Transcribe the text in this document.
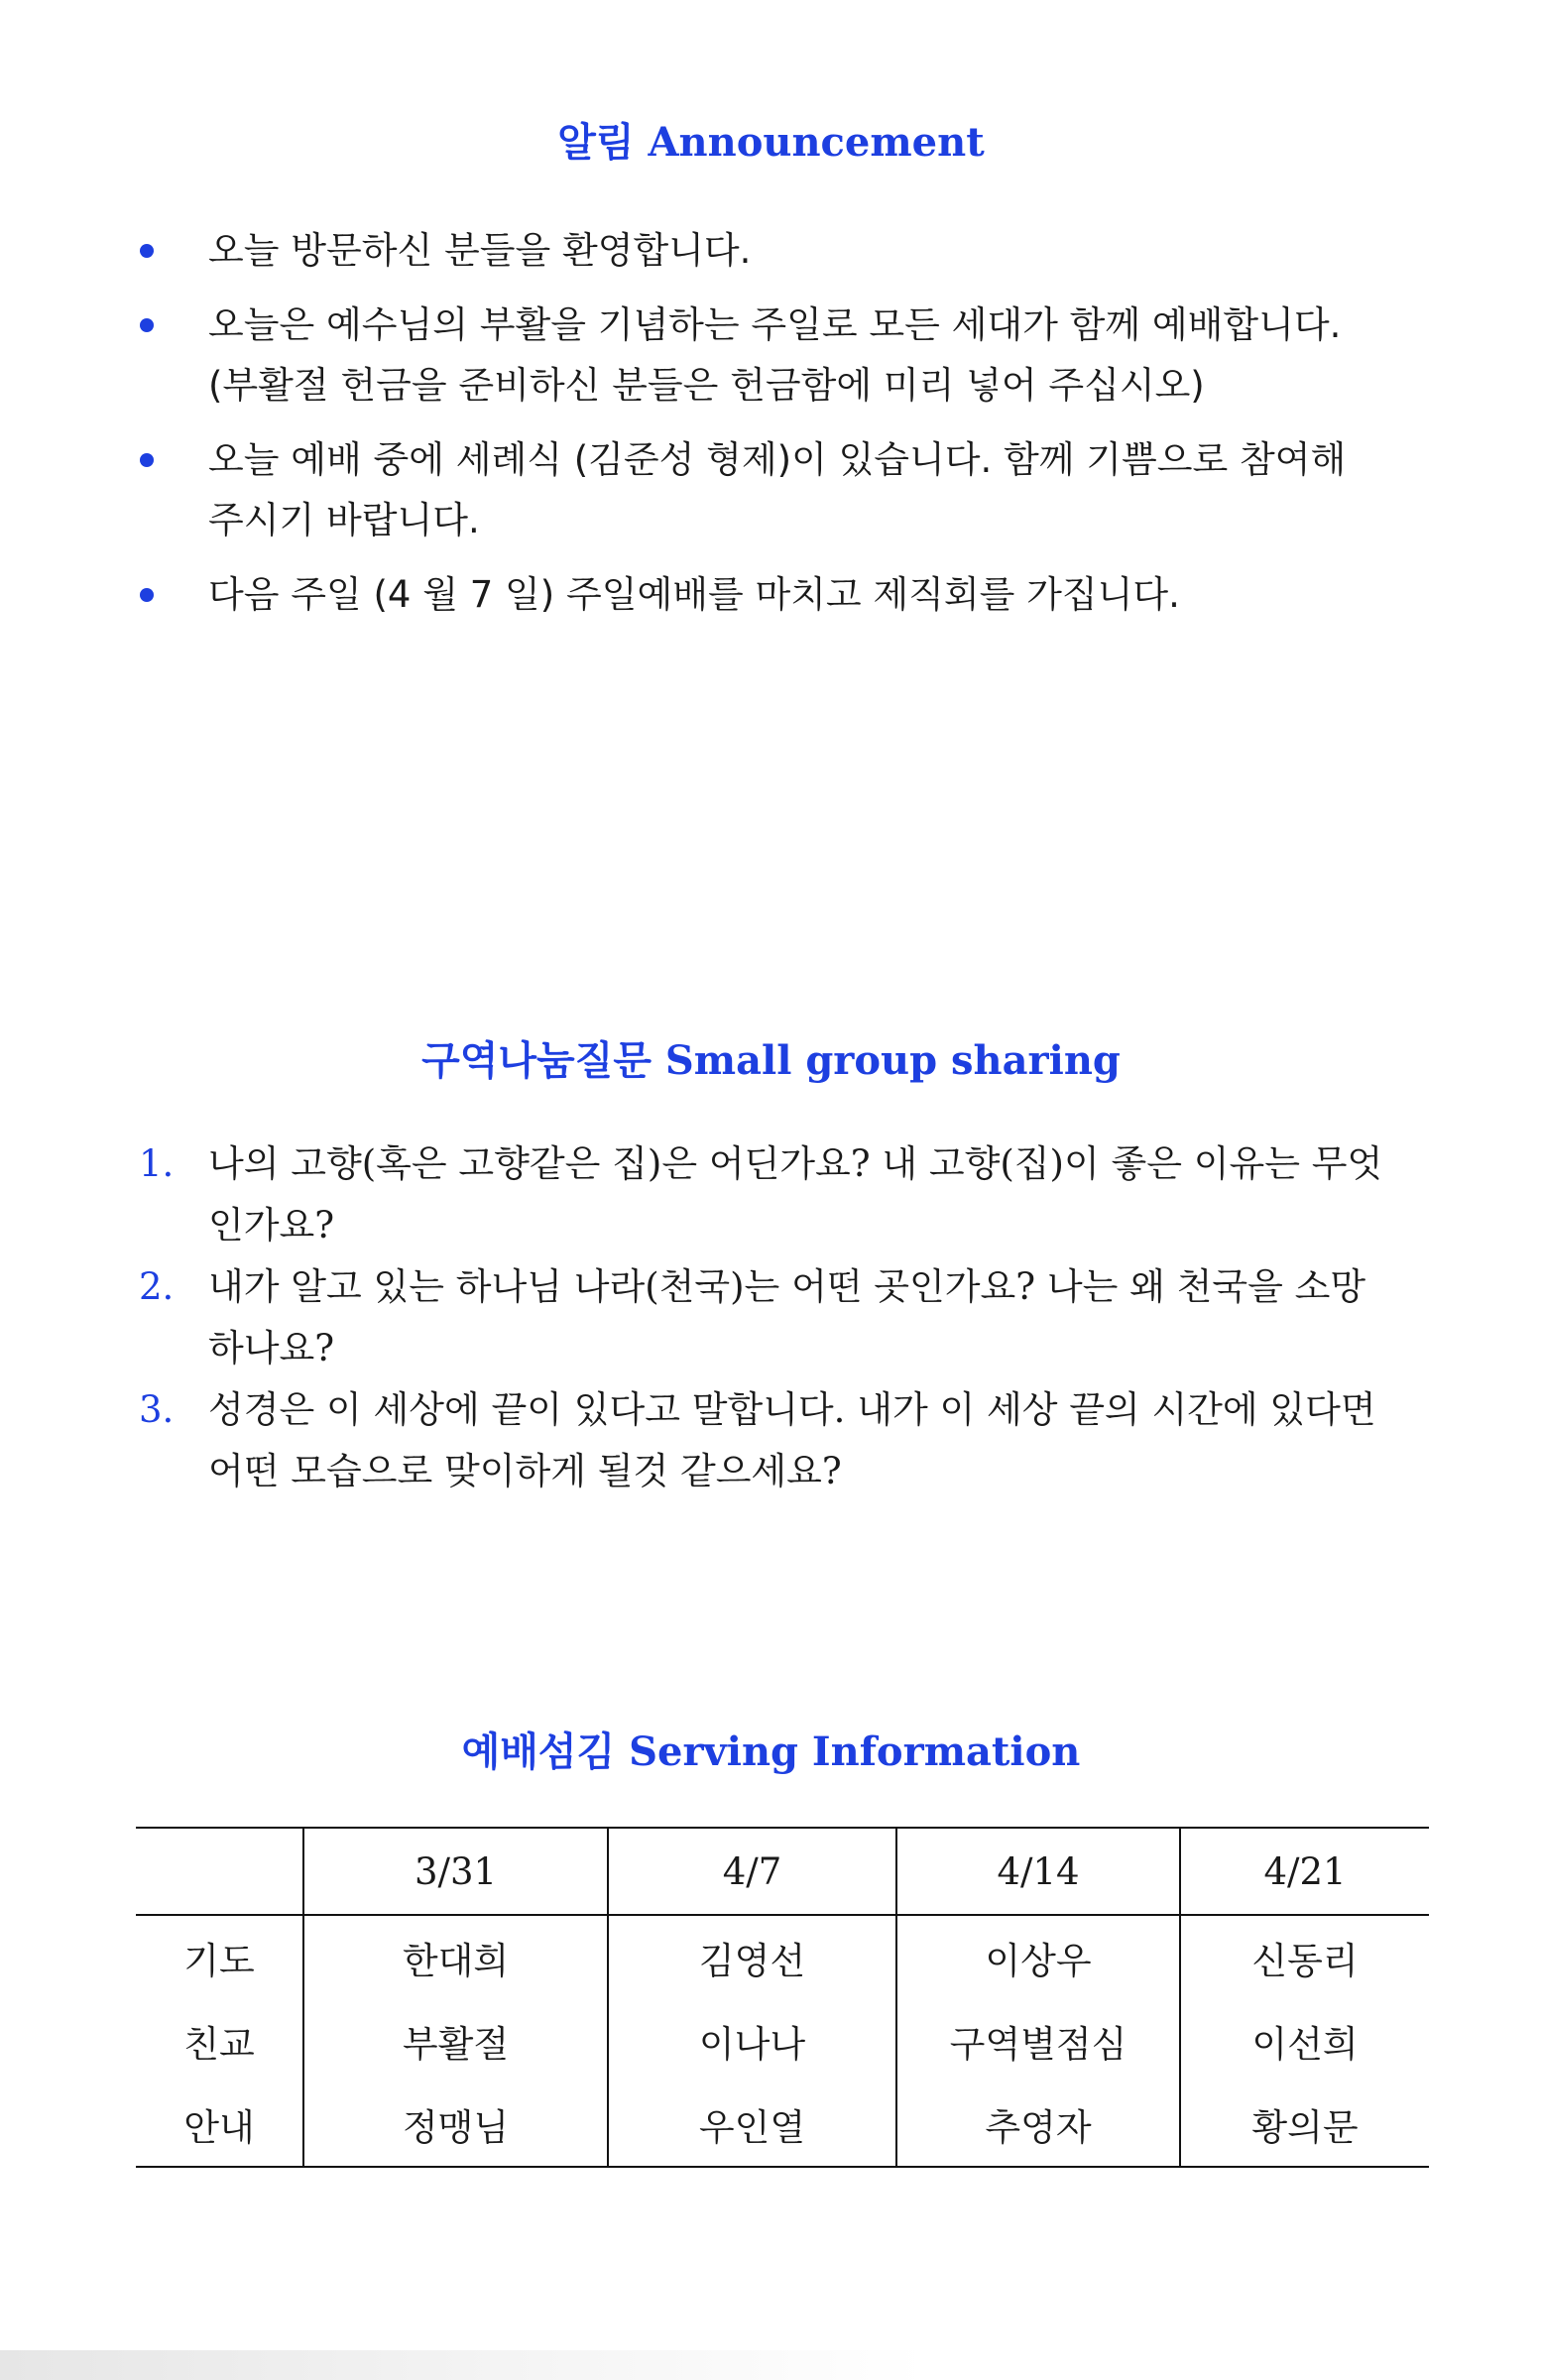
알림 Announcement
오늘 방문하신 분들을 환영합니다.
오늘은 예수님의 부활을 기념하는 주일로 모든 세대가 함께 예배합니다. (부활절 헌금을 준비하신 분들은 헌금함에 미리 넣어 주십시오)
오늘 예배 중에 세례식 (김준성 형제)이 있습니다. 함께 기쁨으로 참여해주시기 바랍니다.
다음 주일 (4 월 7 일) 주일예배를 마치고 제직회를 가집니다.
구역나눔질문 Small group sharing
1. 나의 고향(혹은 고향같은 집)은 어딘가요? 내 고향(집)이 좋은 이유는 무엇인가요?
2. 내가 알고 있는 하나님 나라(천국)는 어떤 곳인가요? 나는 왜 천국을 소망하나요?
3. 성경은 이 세상에 끝이 있다고 말합니다. 내가 이 세상 끝의 시간에 있다면 어떤 모습으로 맞이하게 될것 같으세요?
예배섬김 Serving Information
	3/31	4/7	4/14	4/21
기도	한대희	김영선	이상우	신동리
친교	부활절	이나나	구역별점심	이선희
안내	정맹님	우인열	추영자	황의문
